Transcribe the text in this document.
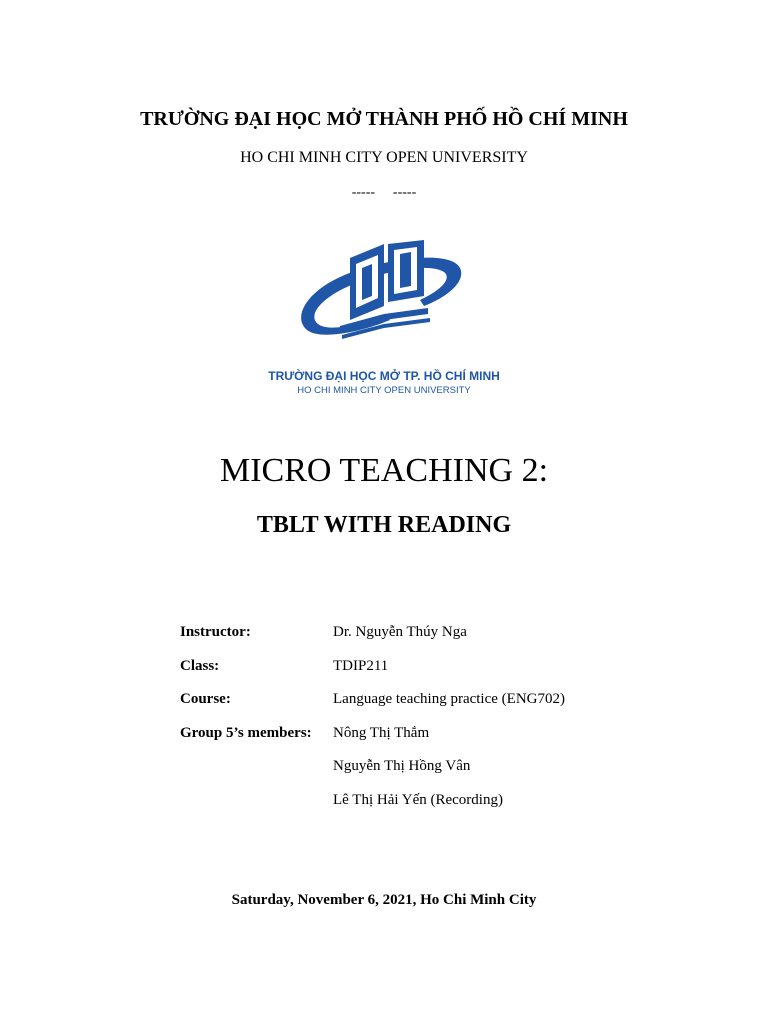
TRƯỜNG ĐẠI HỌC MỞ THÀNH PHỐ HỒ CHÍ MINH
HO CHI MINH CITY OPEN UNIVERSITY
----- -----
TRƯỜNG ĐẠI HỌC MỞ TP. HỒ CHÍ MINH
HO CHI MINH CITY OPEN UNIVERSITY
MICRO TEACHING 2:
TBLT WITH READING
Instructor:	Dr. Nguyễn Thúy Nga
Class:	TDIP211
Course:	Language teaching practice (ENG702)
Group 5’s members: Nông Thị Thắm
Nguyễn Thị Hồng Vân
Lê Thị Hải Yến (Recording)
Saturday, November 6, 2021, Ho Chi Minh City
